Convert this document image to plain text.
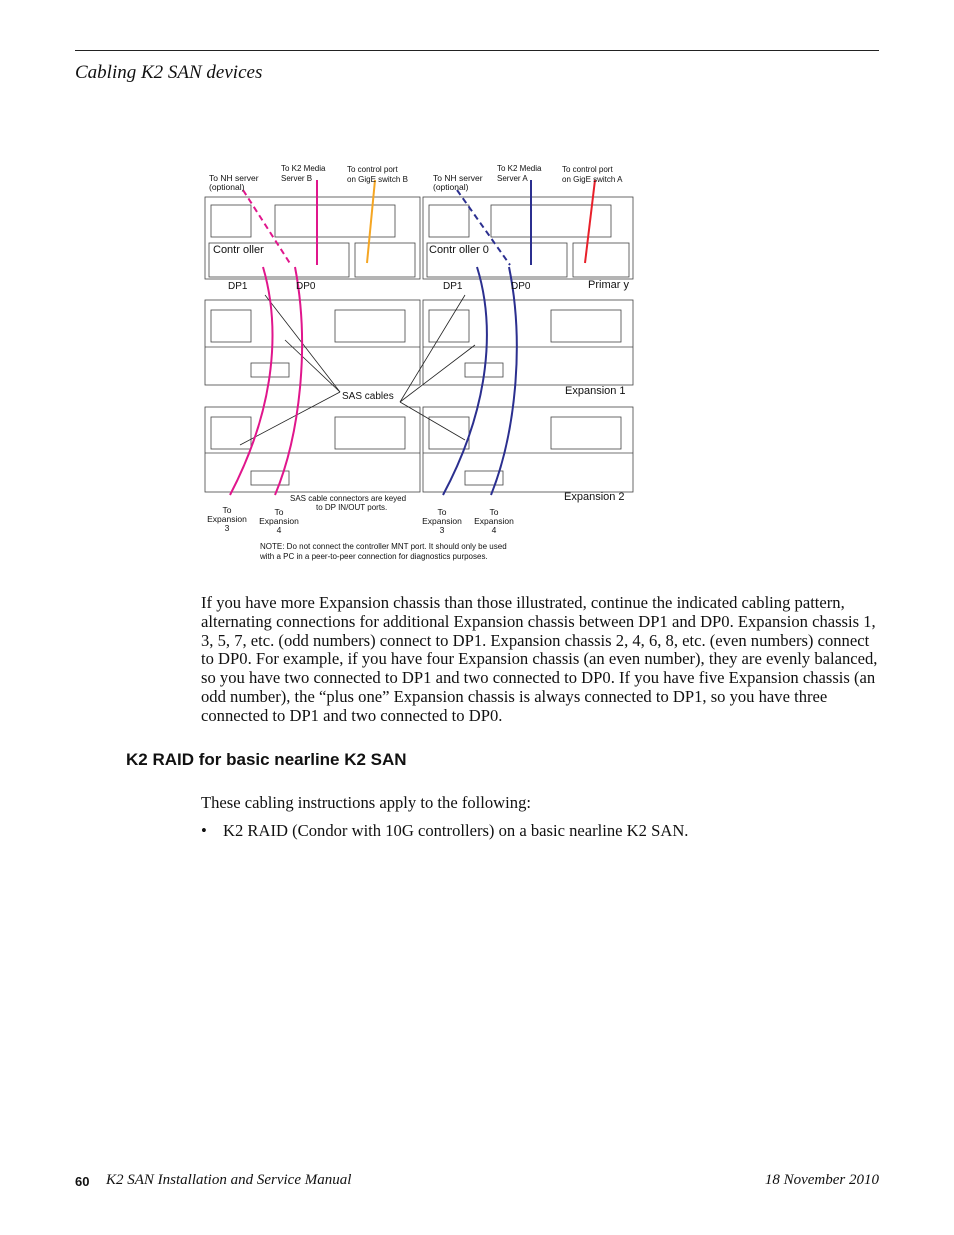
Cabling K2 SAN devices
To NH server
(optional)
To K2 Media
Server B
To control port
on GigE switch B	To NH server
(optional)
To K2 Media
Server A
To control port
on GigE switch A
Contr oller	Contr oller 0
DP1	DP0	DP1	DP0	Primar y
SAS cables	Expansion 1
Expansion 2
SAS cable connectors are keyed
to DP IN/OUT ports.
To
Expansion
3
To
Expansion
4
To
Expansion
3
To
Expansion
4
NOTE: Do not connect the controller MNT port. It should only be used
with a PC in a peer-to-peer connection for diagnostics purposes.
If you have more Expansion chassis than those illustrated, continue the indicated cabling pattern, alternating connections for additional Expansion chassis between DP1 and DP0. Expansion chassis 1, 3, 5, 7, etc. (odd numbers) connect to DP1. Expansion chassis 2, 4, 6, 8, etc. (even numbers) connect to DP0. For example, if you have four Expansion chassis (an even number), they are evenly balanced, so you have two connected to DP1 and two connected to DP0. If you have five Expansion chassis (an odd number), the “plus one” Expansion chassis is always connected to DP1, so you have three connected to DP1 and two connected to DP0.
K2 RAID for basic nearline K2 SAN
These cabling instructions apply to the following:
• K2 RAID (Condor with 10G controllers) on a basic nearline K2 SAN.
60 K2 SAN Installation and Service Manual	18 November 2010
